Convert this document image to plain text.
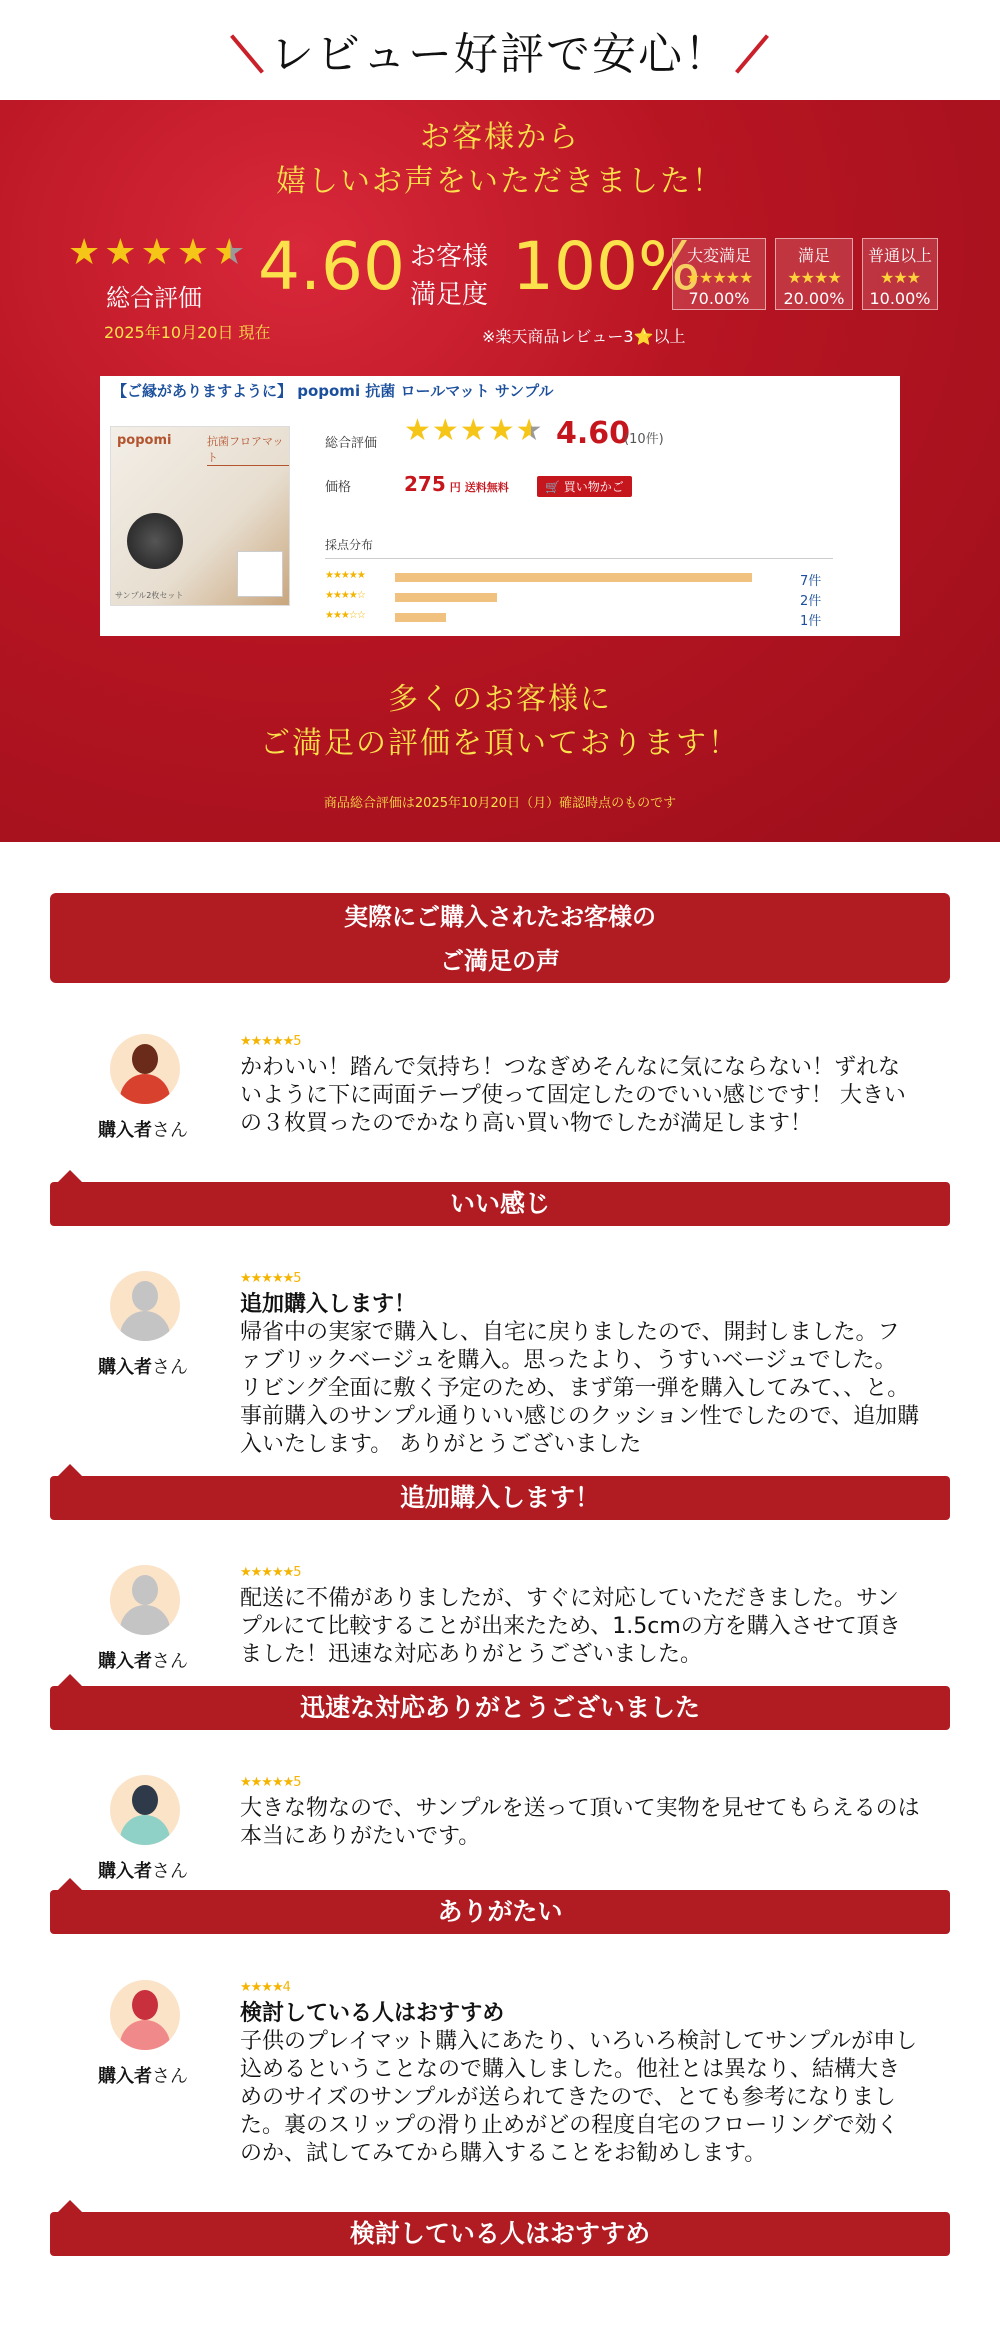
レビュー好評で安心！
お客様から
嬉しいお声をいただきました！
★ ★ ★ ★ ★
総合評価
2025年10月20日 現在
4.60 お客様
満足度 100%
大変満足
★★★★★
70.00%
満足
★★★★
20.00%
普通以上
★★★
10.00%
※楽天商品レビュー3⭐以上
【ご縁がありますように】 popomi 抗菌 ロールマット サンプル
popomi	抗菌フロアマット
サンプル2枚セット
総合評価 ★ ★ ★ ★ ★ 4.60
(10件)
価格	275 円 送料無料	🛒 買い物かご
採点分布
★★★★★	7件
★★★★☆	2件
★★★☆☆	1件
多くのお客様に
ご満足の評価を頂いております！
商品総合評価は2025年10月20日（月）確認時点のものです
実際にご購入されたお客様の
ご満足の声
購入者さん
★★★★★5
かわいい！踏んで気持ち！つなぎめそんなに気にならない！ずれないように下に両面テープ使って固定したのでいい感じです！ 大きいの３枚買ったのでかなり高い買い物でしたが満足します！
いい感じ
購入者さん
★★★★★5
追加購入します！
帰省中の実家で購入し、自宅に戻りましたので、開封しました。ファブリックベージュを購入。思ったより、うすいベージュでした。 リビング全面に敷く予定のため、まず第一弾を購入してみて、、と。事前購入のサンプル通りいい感じのクッション性でしたので、追加購入いたします。 ありがとうございました
追加購入します！
購入者さん
★★★★★5
配送に不備がありましたが、すぐに対応していただきました。サンプルにて比較することが出来たため、1.5cmの方を購入させて頂きました！迅速な対応ありがとうございました。
迅速な対応ありがとうございました
購入者さん
★★★★★5
大きな物なので、サンプルを送って頂いて実物を見せてもらえるのは本当にありがたいです。
ありがたい
購入者さん
★★★★4
検討している人はおすすめ
子供のプレイマット購入にあたり、いろいろ検討してサンプルが申し込めるということなので購入しました。他社とは異なり、結構大きめのサイズのサンプルが送られてきたので、とても参考になりました。裏のスリップの滑り止めがどの程度自宅のフローリングで効くのか、試してみてから購入することをお勧めします。
検討している人はおすすめ
